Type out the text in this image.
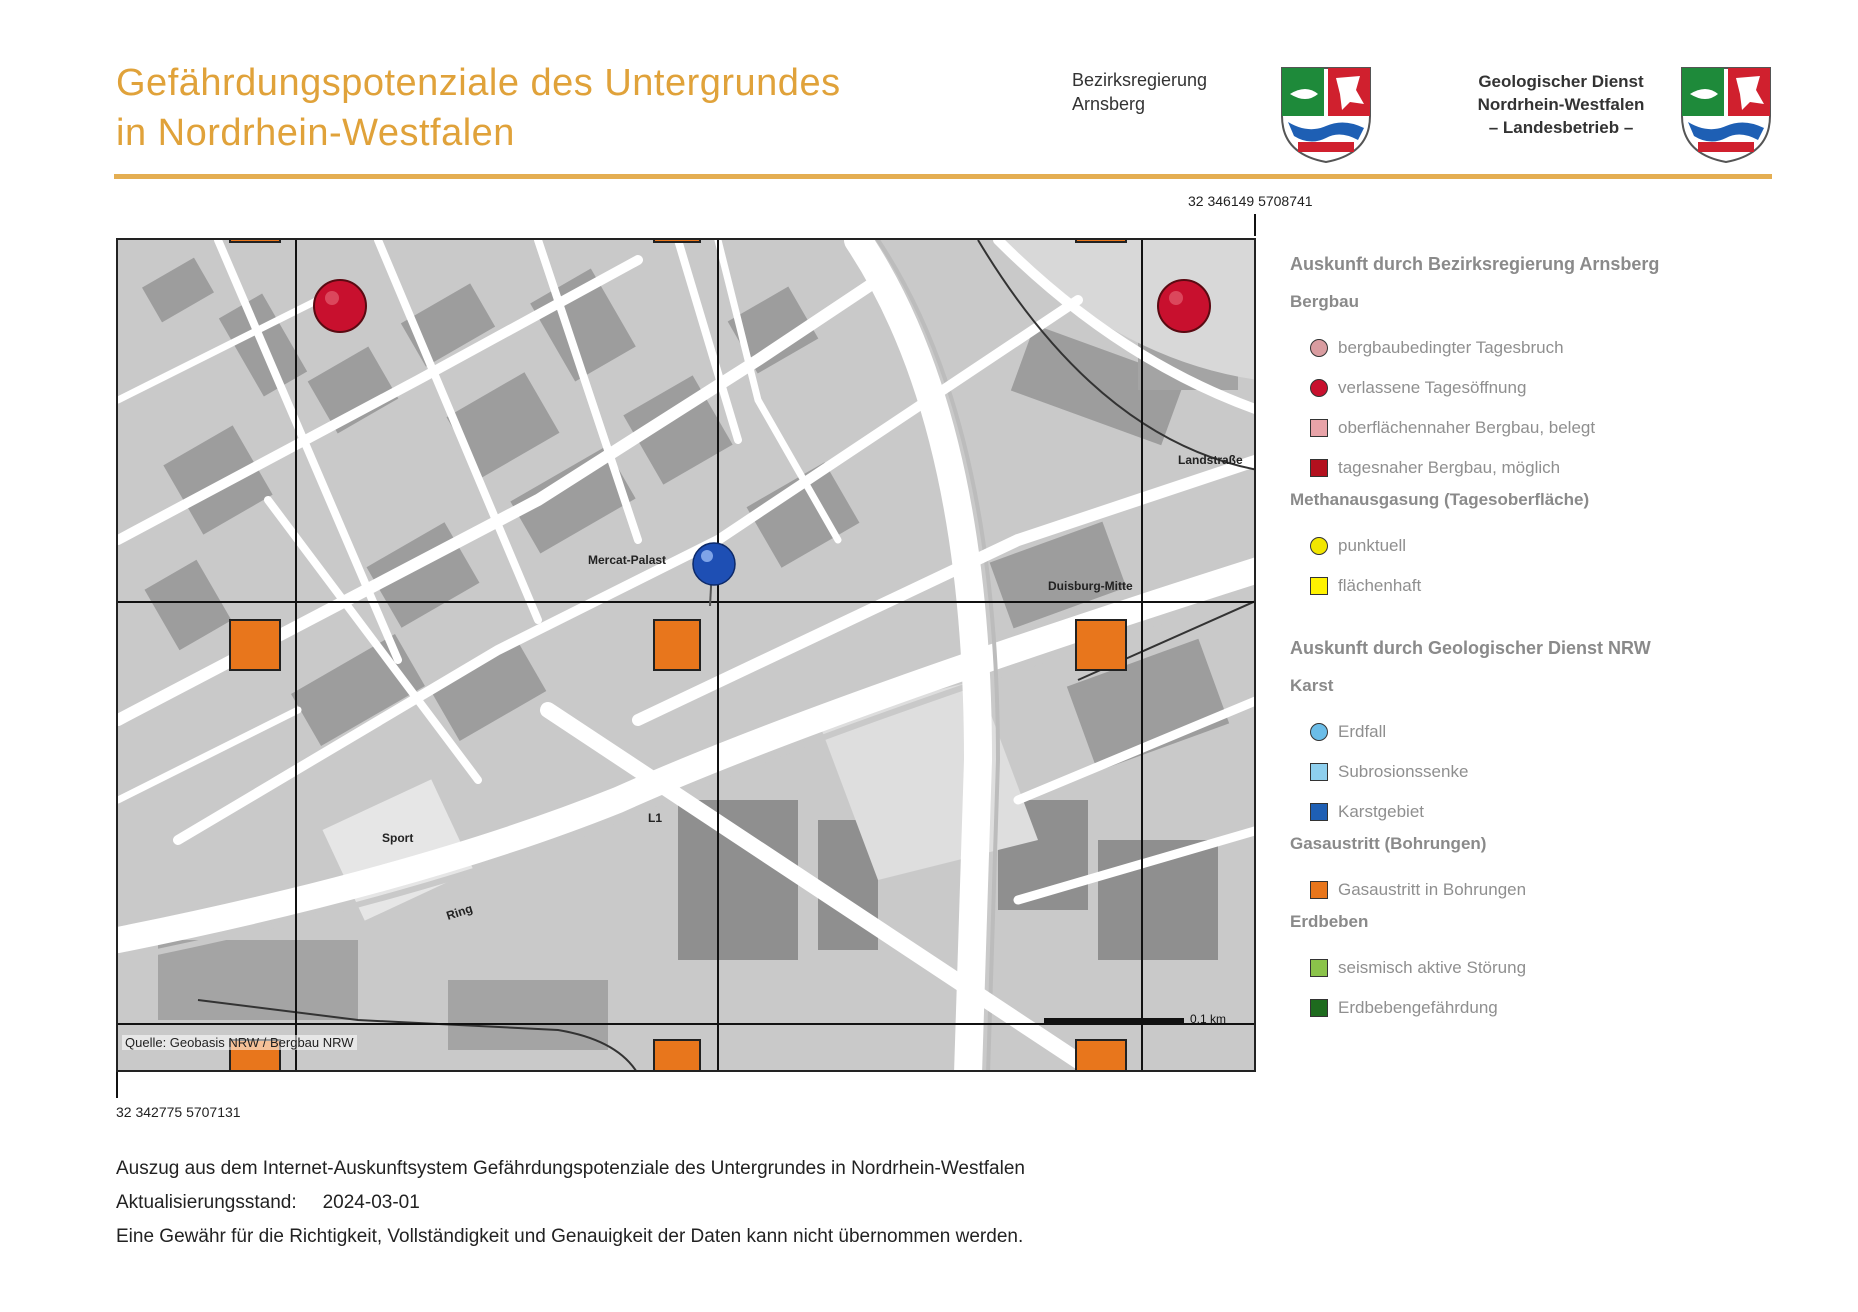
Gefährdungspotenziale des Untergrundes
in Nordrhein-Westfalen
Bezirksregierung
Arnsberg
Geologischer Dienst
Nordrhein-Westfalen
– Landesbetrieb –
32 346149 5708741
32 342775 5707131
Mercat-Palast
Sport
Ring
Landstraße
Duisburg-Mitte
L1
Quelle: Geobasis NRW / Bergbau NRW
0.1 km
Auskunft durch Bezirksregierung Arnsberg
Bergbau
bergbaubedingter Tagesbruch
verlassene Tagesöffnung
oberflächennaher Bergbau, belegt
tagesnaher Bergbau, möglich
Methanausgasung (Tagesoberfläche)
punktuell
flächenhaft
Auskunft durch Geologischer Dienst NRW
Karst
Erdfall
Subrosionssenke
Karstgebiet
Gasaustritt (Bohrungen)
Gasaustritt in Bohrungen
Erdbeben
seismisch aktive Störung
Erdbebengefährdung
Auszug aus dem Internet-Auskunftsystem Gefährdungspotenziale des Untergrundes in Nordrhein-Westfalen
Aktualisierungsstand: 2024-03-01
Eine Gewähr für die Richtigkeit, Vollständigkeit und Genauigkeit der Daten kann nicht übernommen werden.
